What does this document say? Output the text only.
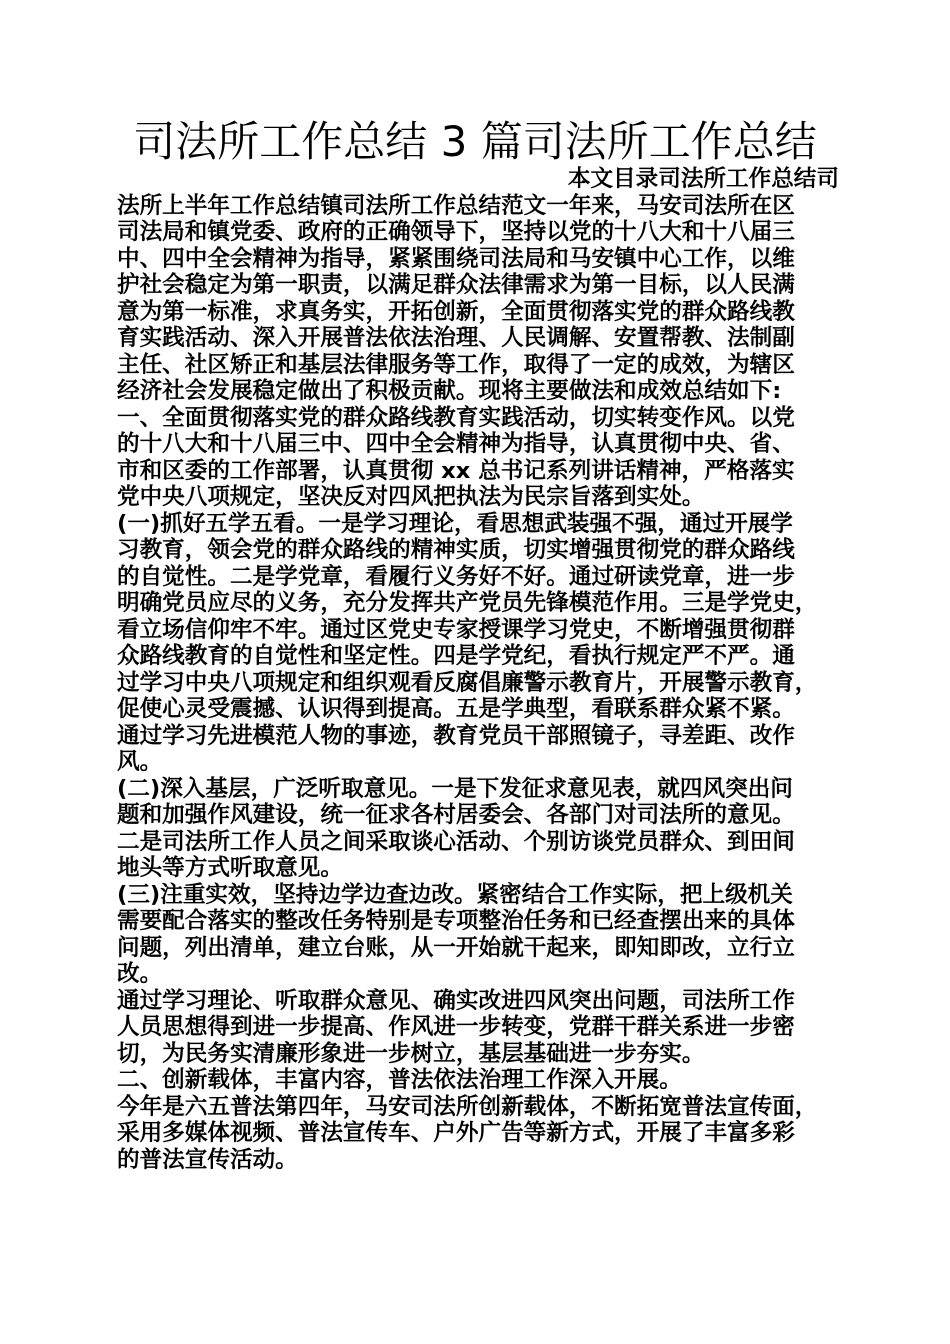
司法所工作总结 3 篇司法所工作总结
本文目录司法所工作总结司
法所上半年工作总结镇司法所工作总结范文一年来，马安司法所在区
司法局和镇党委、政府的正确领导下，坚持以党的十八大和十八届三
中、四中全会精神为指导，紧紧围绕司法局和马安镇中心工作，以维
护社会稳定为第一职责，以满足群众法律需求为第一目标，以人民满
意为第一标准，求真务实，开拓创新，全面贯彻落实党的群众路线教
育实践活动、深入开展普法依法治理、人民调解、安置帮教、法制副
主任、社区矫正和基层法律服务等工作，取得了一定的成效，为辖区
经济社会发展稳定做出了积极贡献。现将主要做法和成效总结如下:
一、全面贯彻落实党的群众路线教育实践活动，切实转变作风。以党
的十八大和十八届三中、四中全会精神为指导，认真贯彻中央、省、
市和区委的工作部署，认真贯彻 xx 总书记系列讲话精神，严格落实
党中央八项规定，坚决反对四风把执法为民宗旨落到实处。
(一)抓好五学五看。一是学习理论，看思想武装强不强，通过开展学
习教育，领会党的群众路线的精神实质，切实增强贯彻党的群众路线
的自觉性。二是学党章，看履行义务好不好。通过研读党章，进一步
明确党员应尽的义务，充分发挥共产党员先锋模范作用。三是学党史，
看立场信仰牢不牢。通过区党史专家授课学习党史，不断增强贯彻群
众路线教育的自觉性和坚定性。四是学党纪，看执行规定严不严。通
过学习中央八项规定和组织观看反腐倡廉警示教育片，开展警示教育，
促使心灵受震撼、认识得到提高。五是学典型，看联系群众紧不紧。
通过学习先进模范人物的事迹，教育党员干部照镜子，寻差距、改作
风。
(二)深入基层，广泛听取意见。一是下发征求意见表，就四风突出问
题和加强作风建设，统一征求各村居委会、各部门对司法所的意见。
二是司法所工作人员之间采取谈心活动、个别访谈党员群众、到田间
地头等方式听取意见。
(三)注重实效，坚持边学边查边改。紧密结合工作实际，把上级机关
需要配合落实的整改任务特别是专项整治任务和已经查摆出来的具体
问题，列出清单，建立台账，从一开始就干起来，即知即改，立行立
改。
通过学习理论、听取群众意见、确实改进四风突出问题，司法所工作
人员思想得到进一步提高、作风进一步转变，党群干群关系进一步密
切，为民务实清廉形象进一步树立，基层基础进一步夯实。
二、创新载体，丰富内容，普法依法治理工作深入开展。
今年是六五普法第四年，马安司法所创新载体，不断拓宽普法宣传面，
采用多媒体视频、普法宣传车、户外广告等新方式，开展了丰富多彩
的普法宣传活动。
